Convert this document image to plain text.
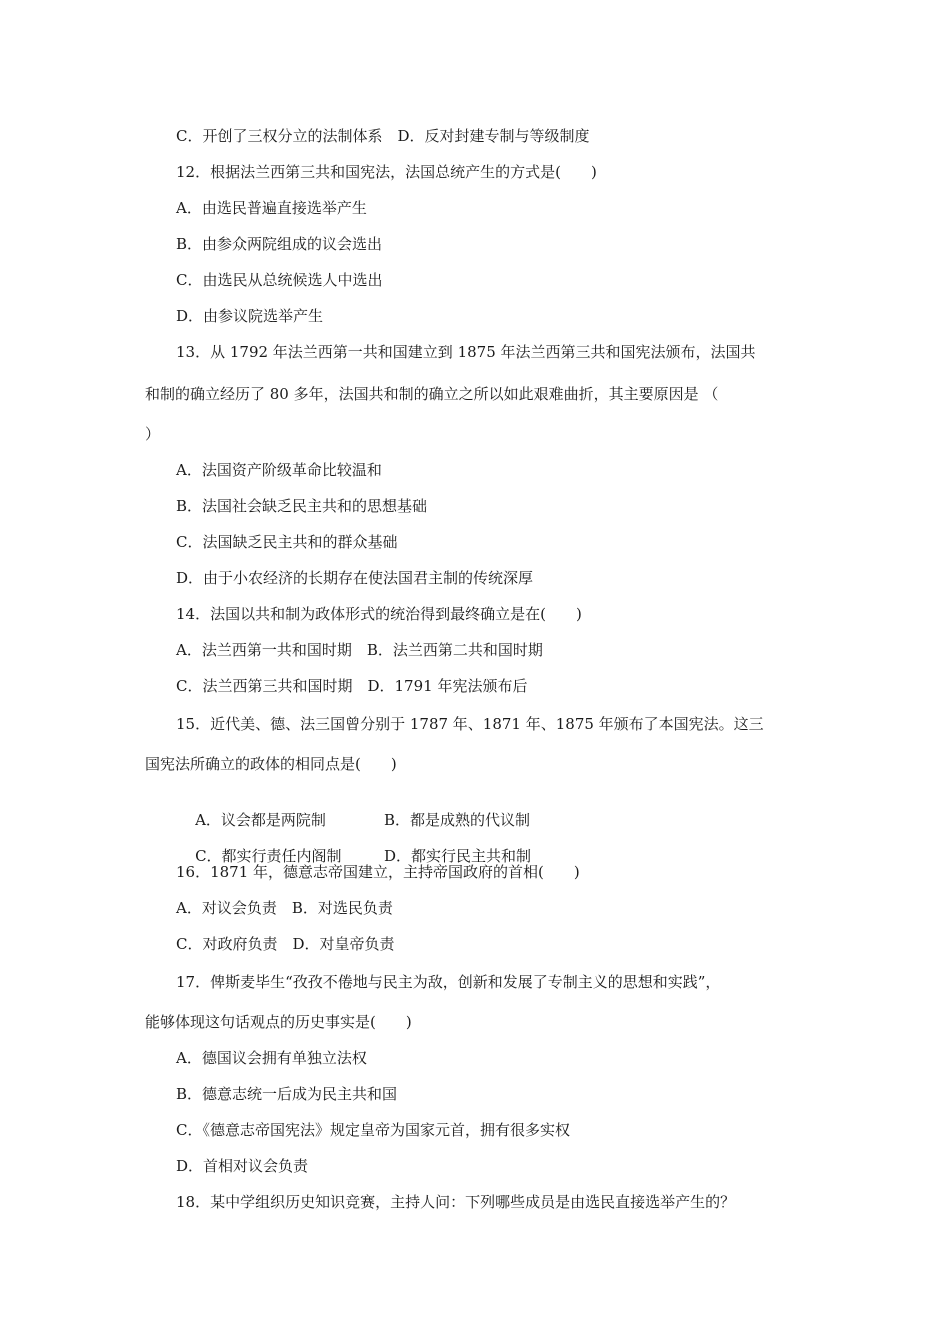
C．开创了三权分立的法制体系　D．反对封建专制与等级制度
12．根据法兰西第三共和国宪法，法国总统产生的方式是(　　)
A．由选民普遍直接选举产生
B．由参众两院组成的议会选出
C．由选民从总统候选人中选出
D．由参议院选举产生
13．从 1792 年法兰西第一共和国建立到 1875 年法兰西第三共和国宪法颁布，法国共
和制的确立经历了 80 多年，法国共和制的确立之所以如此艰难曲折，其主要原因是 （
）
A．法国资产阶级革命比较温和
B．法国社会缺乏民主共和的思想基础
C．法国缺乏民主共和的群众基础
D．由于小农经济的长期存在使法国君主制的传统深厚
14．法国以共和制为政体形式的统治得到最终确立是在(　　)
A．法兰西第一共和国时期　B．法兰西第二共和国时期
C．法兰西第三共和国时期　D．1791 年宪法颁布后
15．近代美、德、法三国曾分别于 1787 年、1871 年、1875 年颁布了本国宪法。这三
国宪法所确立的政体的相同点是(　　)

A．议会都是两院制	B．都是成熟的代议制

C．都实行责任内阁制	D．都实行民主共和制

16．1871 年，德意志帝国建立，主持帝国政府的首相(　　)
A．对议会负责　B．对选民负责
C．对政府负责　D．对皇帝负责
17．俾斯麦毕生“孜孜不倦地与民主为敌，创新和发展了专制主义的思想和实践”，
能够体现这句话观点的历史事实是(　　)
A．德国议会拥有单独立法权
B．德意志统一后成为民主共和国
C．《德意志帝国宪法》规定皇帝为国家元首，拥有很多实权
D．首相对议会负责
18．某中学组织历史知识竞赛，主持人问：下列哪些成员是由选民直接选举产生的？
